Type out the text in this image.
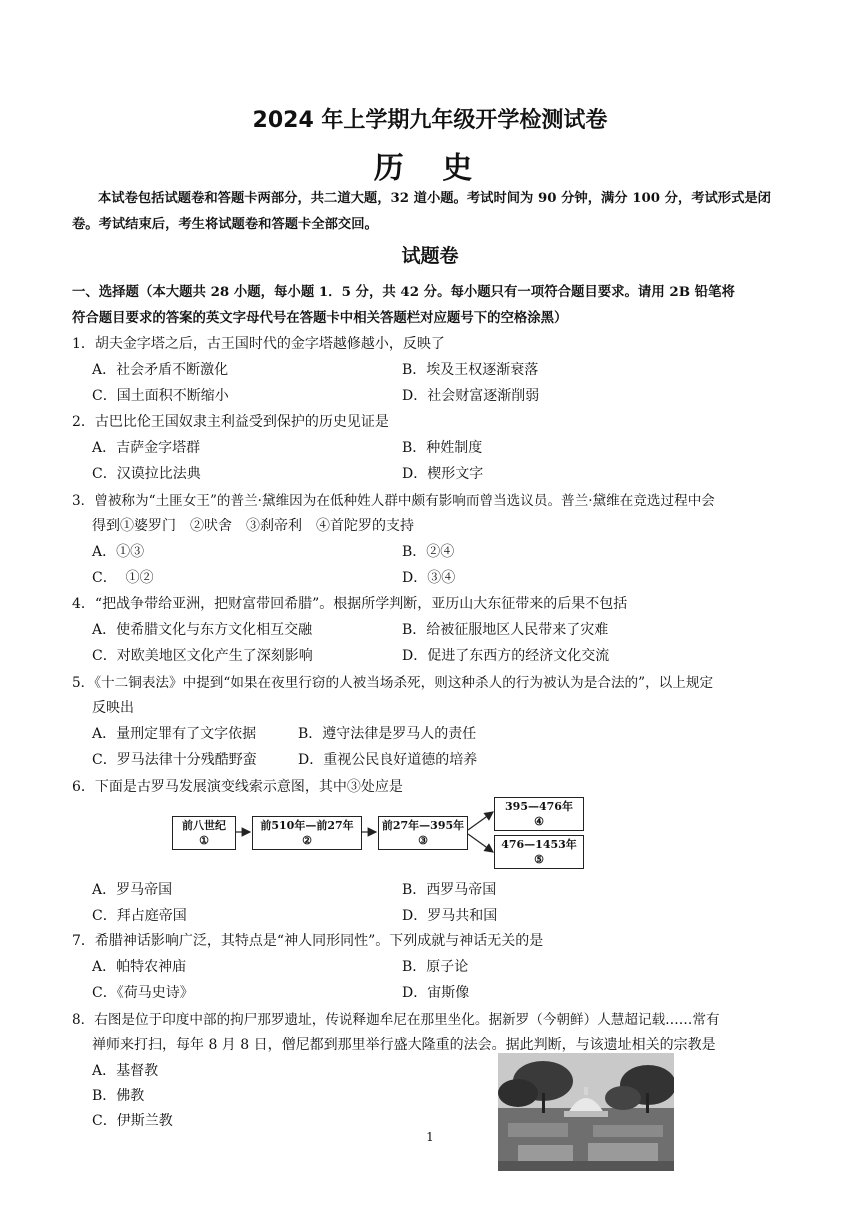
2024 年上学期九年级开学检测试卷
历 史
本试卷包括试题卷和答题卡两部分，共二道大题，32 道小题。考试时间为 90 分钟，满分 100 分，考试形式是闭卷。考试结束后，考生将试题卷和答题卡全部交回。
试题卷
一、选择题（本大题共 28 小题，每小题 1．5 分，共 42 分。每小题只有一项符合题目要求。请用 2B 铅笔将
符合题目要求的答案的英文字母代号在答题卡中相关答题栏对应题号下的空格涂黑）
1．胡夫金字塔之后，古王国时代的金字塔越修越小，反映了
A．社会矛盾不断激化	B．埃及王权逐渐衰落
C．国土面积不断缩小	D．社会财富逐渐削弱
2．古巴比伦王国奴隶主利益受到保护的历史见证是
A．吉萨金字塔群	B．种姓制度
C．汉谟拉比法典	D．楔形文字
3．曾被称为“土匪女王”的普兰·黛维因为在低种姓人群中颇有影响而曾当选议员。普兰·黛维在竞选过程中会
得到①婆罗门　②吠舍　③刹帝利　④首陀罗的支持
A．①③	B．②④
C．  ①②	D．③④
4．“把战争带给亚洲，把财富带回希腊”。根据所学判断，亚历山大东征带来的后果不包括
A．使希腊文化与东方文化相互交融	B．给被征服地区人民带来了灾难
C．对欧美地区文化产生了深刻影响	D．促进了东西方的经济文化交流
5．《十二铜表法》中提到“如果在夜里行窃的人被当场杀死，则这种杀人的行为被认为是合法的”，以上规定
反映出
A．量刑定罪有了文字依据	B．遵守法律是罗马人的责任
C．罗马法律十分残酷野蛮	D．重视公民良好道德的培养
6．下面是古罗马发展演变线索示意图，其中③处应是
前八世纪
①
前510年—前27年
②
前27年—395年
③
395—476年
④
476—1453年
⑤
A．罗马帝国	B．西罗马帝国
C．拜占庭帝国	D．罗马共和国
7．希腊神话影响广泛，其特点是“神人同形同性”。下列成就与神话无关的是
A．帕特农神庙	B．原子论
C．《荷马史诗》	D．宙斯像
8．右图是位于印度中部的拘尸那罗遗址，传说释迦牟尼在那里坐化。据新罗（今朝鲜）人慧超记载……常有
禅师来打扫，每年 8 月 8 日，僧尼都到那里举行盛大隆重的法会。据此判断，与该遗址相关的宗教是
A．基督教
B．佛教
C．伊斯兰教
1
